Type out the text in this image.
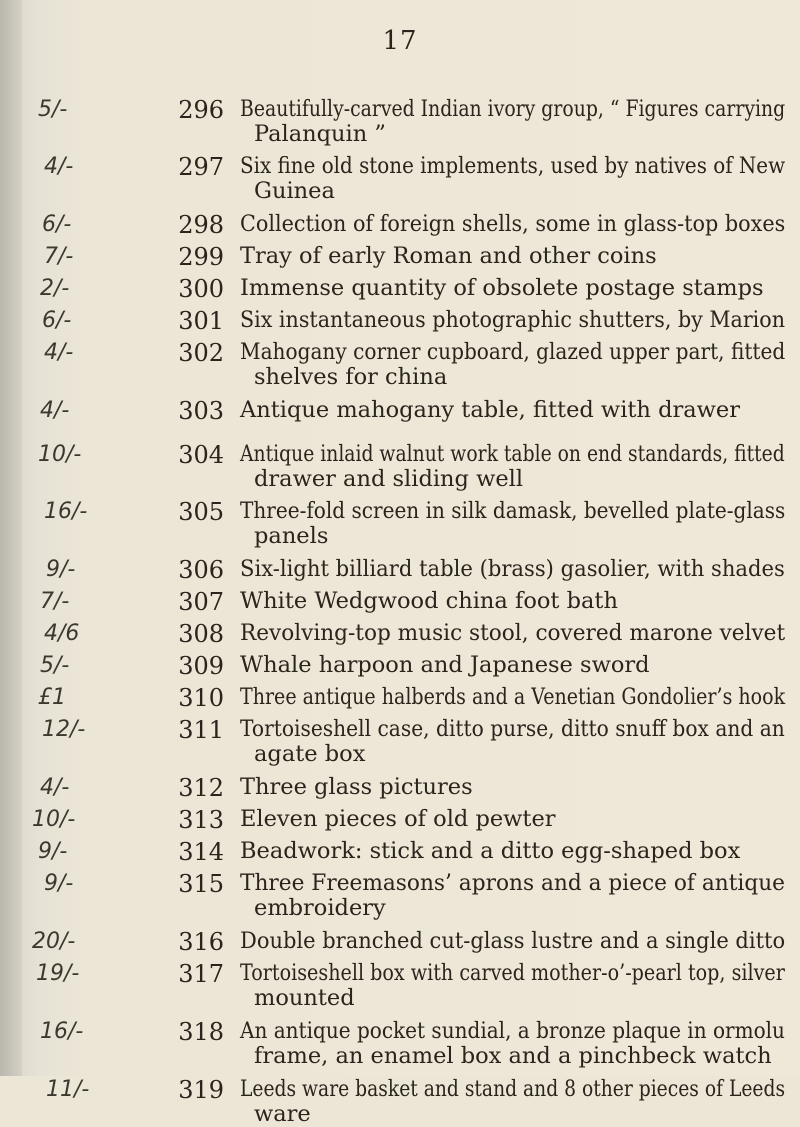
17
5/-	296 Beautifully-carved Indian ivory group, “ Figures carrying
Palanquin ”
4/-	297 Six fine old stone implements, used by natives of New
Guinea
6/-	298 Collection of foreign shells, some in glass-top boxes
7/-	299 Tray of early Roman and other coins
2/-	300 Immense quantity of obsolete postage stamps
6/-	301 Six instantaneous photographic shutters, by Marion
4/-	302 Mahogany corner cupboard, glazed upper part, fitted
shelves for china
4/-	303 Antique mahogany table, fitted with drawer
10/-	304 Antique inlaid walnut work table on end standards, fitted
drawer and sliding well
16/-	305 Three-fold screen in silk damask, bevelled plate-glass
panels
9/-	306 Six-light billiard table (brass) gasolier, with shades
7/-	307 White Wedgwood china foot bath
4/6	308 Revolving-top music stool, covered marone velvet
5/-	309 Whale harpoon and Japanese sword
£1	310 Three antique halberds and a Venetian Gondolier’s hook
12/-	311 Tortoiseshell case, ditto purse, ditto snuff box and an
agate box
4/-	312 Three glass pictures
10/-	313 Eleven pieces of old pewter
9/-	314 Beadwork: stick and a ditto egg-shaped box
9/-	315 Three Freemasons’ aprons and a piece of antique
embroidery
20/-	316 Double branched cut-glass lustre and a single ditto
19/-	317 Tortoiseshell box with carved mother-o’-pearl top, silver
mounted
16/-	318 An antique pocket sundial, a bronze plaque in ormolu
frame, an enamel box and a pinchbeck watch
11/-	319 Leeds ware basket and stand and 8 other pieces of Leeds
ware
